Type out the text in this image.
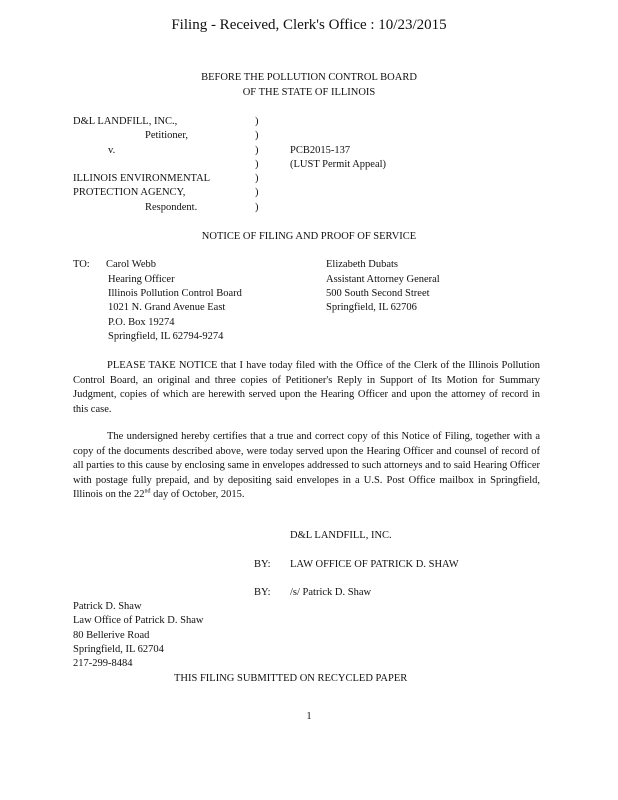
Filing - Received, Clerk's Office : 10/23/2015
BEFORE THE POLLUTION CONTROL BOARD
OF THE STATE OF ILLINOIS
D&L LANDFILL, INC.,
Petitioner,
v.
ILLINOIS ENVIRONMENTAL
PROTECTION AGENCY,
Respondent.
)
)
)
)
)
)
)
PCB2015-137
(LUST Permit Appeal)
NOTICE OF FILING AND PROOF OF SERVICE
TO: Carol Webb
Hearing Officer
Illinois Pollution Control Board
1021 N. Grand Avenue East
P.O. Box 19274
Springfield, IL 62794-9274
Elizabeth Dubats
Assistant Attorney General
500 South Second Street
Springfield, IL 62706
PLEASE TAKE NOTICE that I have today filed with the Office of the Clerk of the Illinois Pollution Control Board, an original and three copies of Petitioner's Reply in Support of Its Motion for Summary Judgment, copies of which are herewith served upon the Hearing Officer and upon the attorney of record in this case.
The undersigned hereby certifies that a true and correct copy of this Notice of Filing, together with a copy of the documents described above, were today served upon the Hearing Officer and counsel of record of all parties to this cause by enclosing same in envelopes addressed to such attorneys and to said Hearing Officer with postage fully prepaid, and by depositing said envelopes in a U.S. Post Office mailbox in Springfield, Illinois on the 22nd day of October, 2015.
D&L LANDFILL, INC.
BY: LAW OFFICE OF PATRICK D. SHAW
BY: /s/ Patrick D. Shaw
Patrick D. Shaw
Law Office of Patrick D. Shaw
80 Bellerive Road
Springfield, IL 62704
217-299-8484
THIS FILING SUBMITTED ON RECYCLED PAPER
1
